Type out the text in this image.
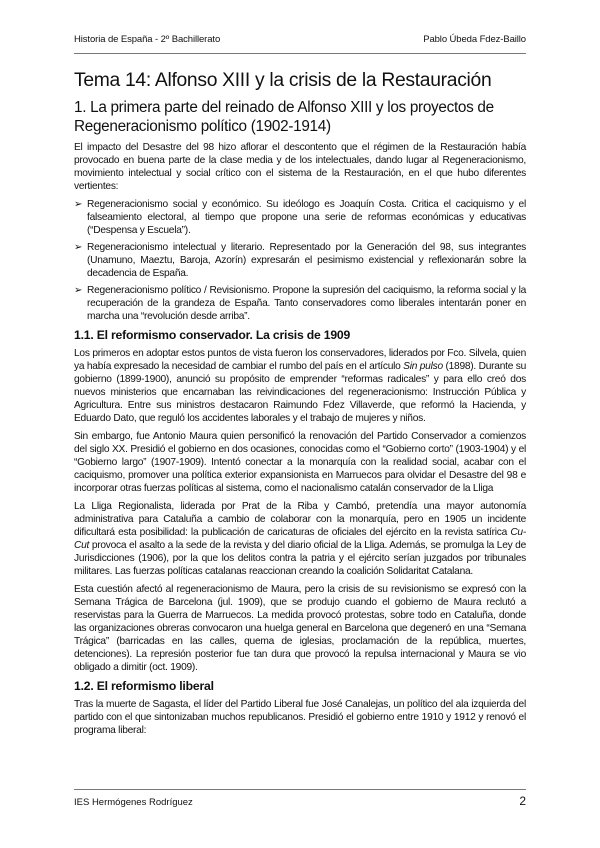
Historia de España - 2º Bachillerato	Pablo Úbeda Fdez-Baillo
Tema 14: Alfonso XIII y la crisis de la Restauración
1. La primera parte del reinado de Alfonso XIII y los proyectos de Regeneracionismo político (1902-1914)

El impacto del Desastre del 98 hizo aflorar el descontento que el régimen de la Restauración había provocado en buena parte de la clase media y de los intelectuales, dando lugar al Regeneracionismo, movimiento intelectual y social crítico con el sistema de la Restauración, en el que hubo diferentes vertientes:

➢ Regeneracionismo social y económico. Su ideólogo es Joaquín Costa. Critica el caciquismo y el falseamiento electoral, al tiempo que propone una serie de reformas económicas y educativas (“Despensa y Escuela”).
➢ Regeneracionismo intelectual y literario. Representado por la Generación del 98, sus integrantes (Unamuno, Maeztu, Baroja, Azorín) expresarán el pesimismo existencial y reflexionarán sobre la decadencia de España.
➢ Regeneracionismo político / Revisionismo. Propone la supresión del caciquismo, la reforma social y la recuperación de la grandeza de España. Tanto conservadores como liberales intentarán poner en marcha una “revolución desde arriba”.
1.1. El reformismo conservador. La crisis de 1909

Los primeros en adoptar estos puntos de vista fueron los conservadores, liderados por Fco. Silvela, quien ya había expresado la necesidad de cambiar el rumbo del país en el artículo Sin pulso (1898). Durante su gobierno (1899-1900), anunció su propósito de emprender “reformas radicales” y para ello creó dos nuevos ministerios que encarnaban las reivindicaciones del regeneracionismo: Instrucción Pública y Agricultura. Entre sus ministros destacaron Raimundo Fdez Villaverde, que reformó la Hacienda, y Eduardo Dato, que reguló los accidentes laborales y el trabajo de mujeres y niños.

Sin embargo, fue Antonio Maura quien personificó la renovación del Partido Conservador a comienzos del siglo XX. Presidió el gobierno en dos ocasiones, conocidas como el “Gobierno corto” (1903-1904) y el “Gobierno largo” (1907-1909). Intentó conectar a la monarquía con la realidad social, acabar con el caciquismo, promover una política exterior expansionista en Marruecos para olvidar el Desastre del 98 e incorporar otras fuerzas políticas al sistema, como el nacionalismo catalán conservador de la Lliga

La Lliga Regionalista, liderada por Prat de la Riba y Cambó, pretendía una mayor autonomía administrativa para Cataluña a cambio de colaborar con la monarquía, pero en 1905 un incidente dificultará esta posibilidad: la publicación de caricaturas de oficiales del ejército en la revista satírica Cu-Cut provoca el asalto a la sede de la revista y del diario oficial de la Lliga. Además, se promulga la Ley de Jurisdicciones (1906), por la que los delitos contra la patria y el ejército serían juzgados por tribunales militares. Las fuerzas políticas catalanas reaccionan creando la coalición Solidaritat Catalana.

Esta cuestión afectó al regeneracionismo de Maura, pero la crisis de su revisionismo se expresó con la Semana Trágica de Barcelona (jul. 1909), que se produjo cuando el gobierno de Maura reclutó a reservistas para la Guerra de Marruecos. La medida provocó protestas, sobre todo en Cataluña, donde las organizaciones obreras convocaron una huelga general en Barcelona que degeneró en una “Semana Trágica” (barricadas en las calles, quema de iglesias, proclamación de la república, muertes, detenciones). La represión posterior fue tan dura que provocó la repulsa internacional y Maura se vio obligado a dimitir (oct. 1909).

1.2. El reformismo liberal

Tras la muerte de Sagasta, el líder del Partido Liberal fue José Canalejas, un político del ala izquierda del partido con el que sintonizaban muchos republicanos. Presidió el gobierno entre 1910 y 1912 y renovó el programa liberal:

IES Hermógenes Rodríguez	2
